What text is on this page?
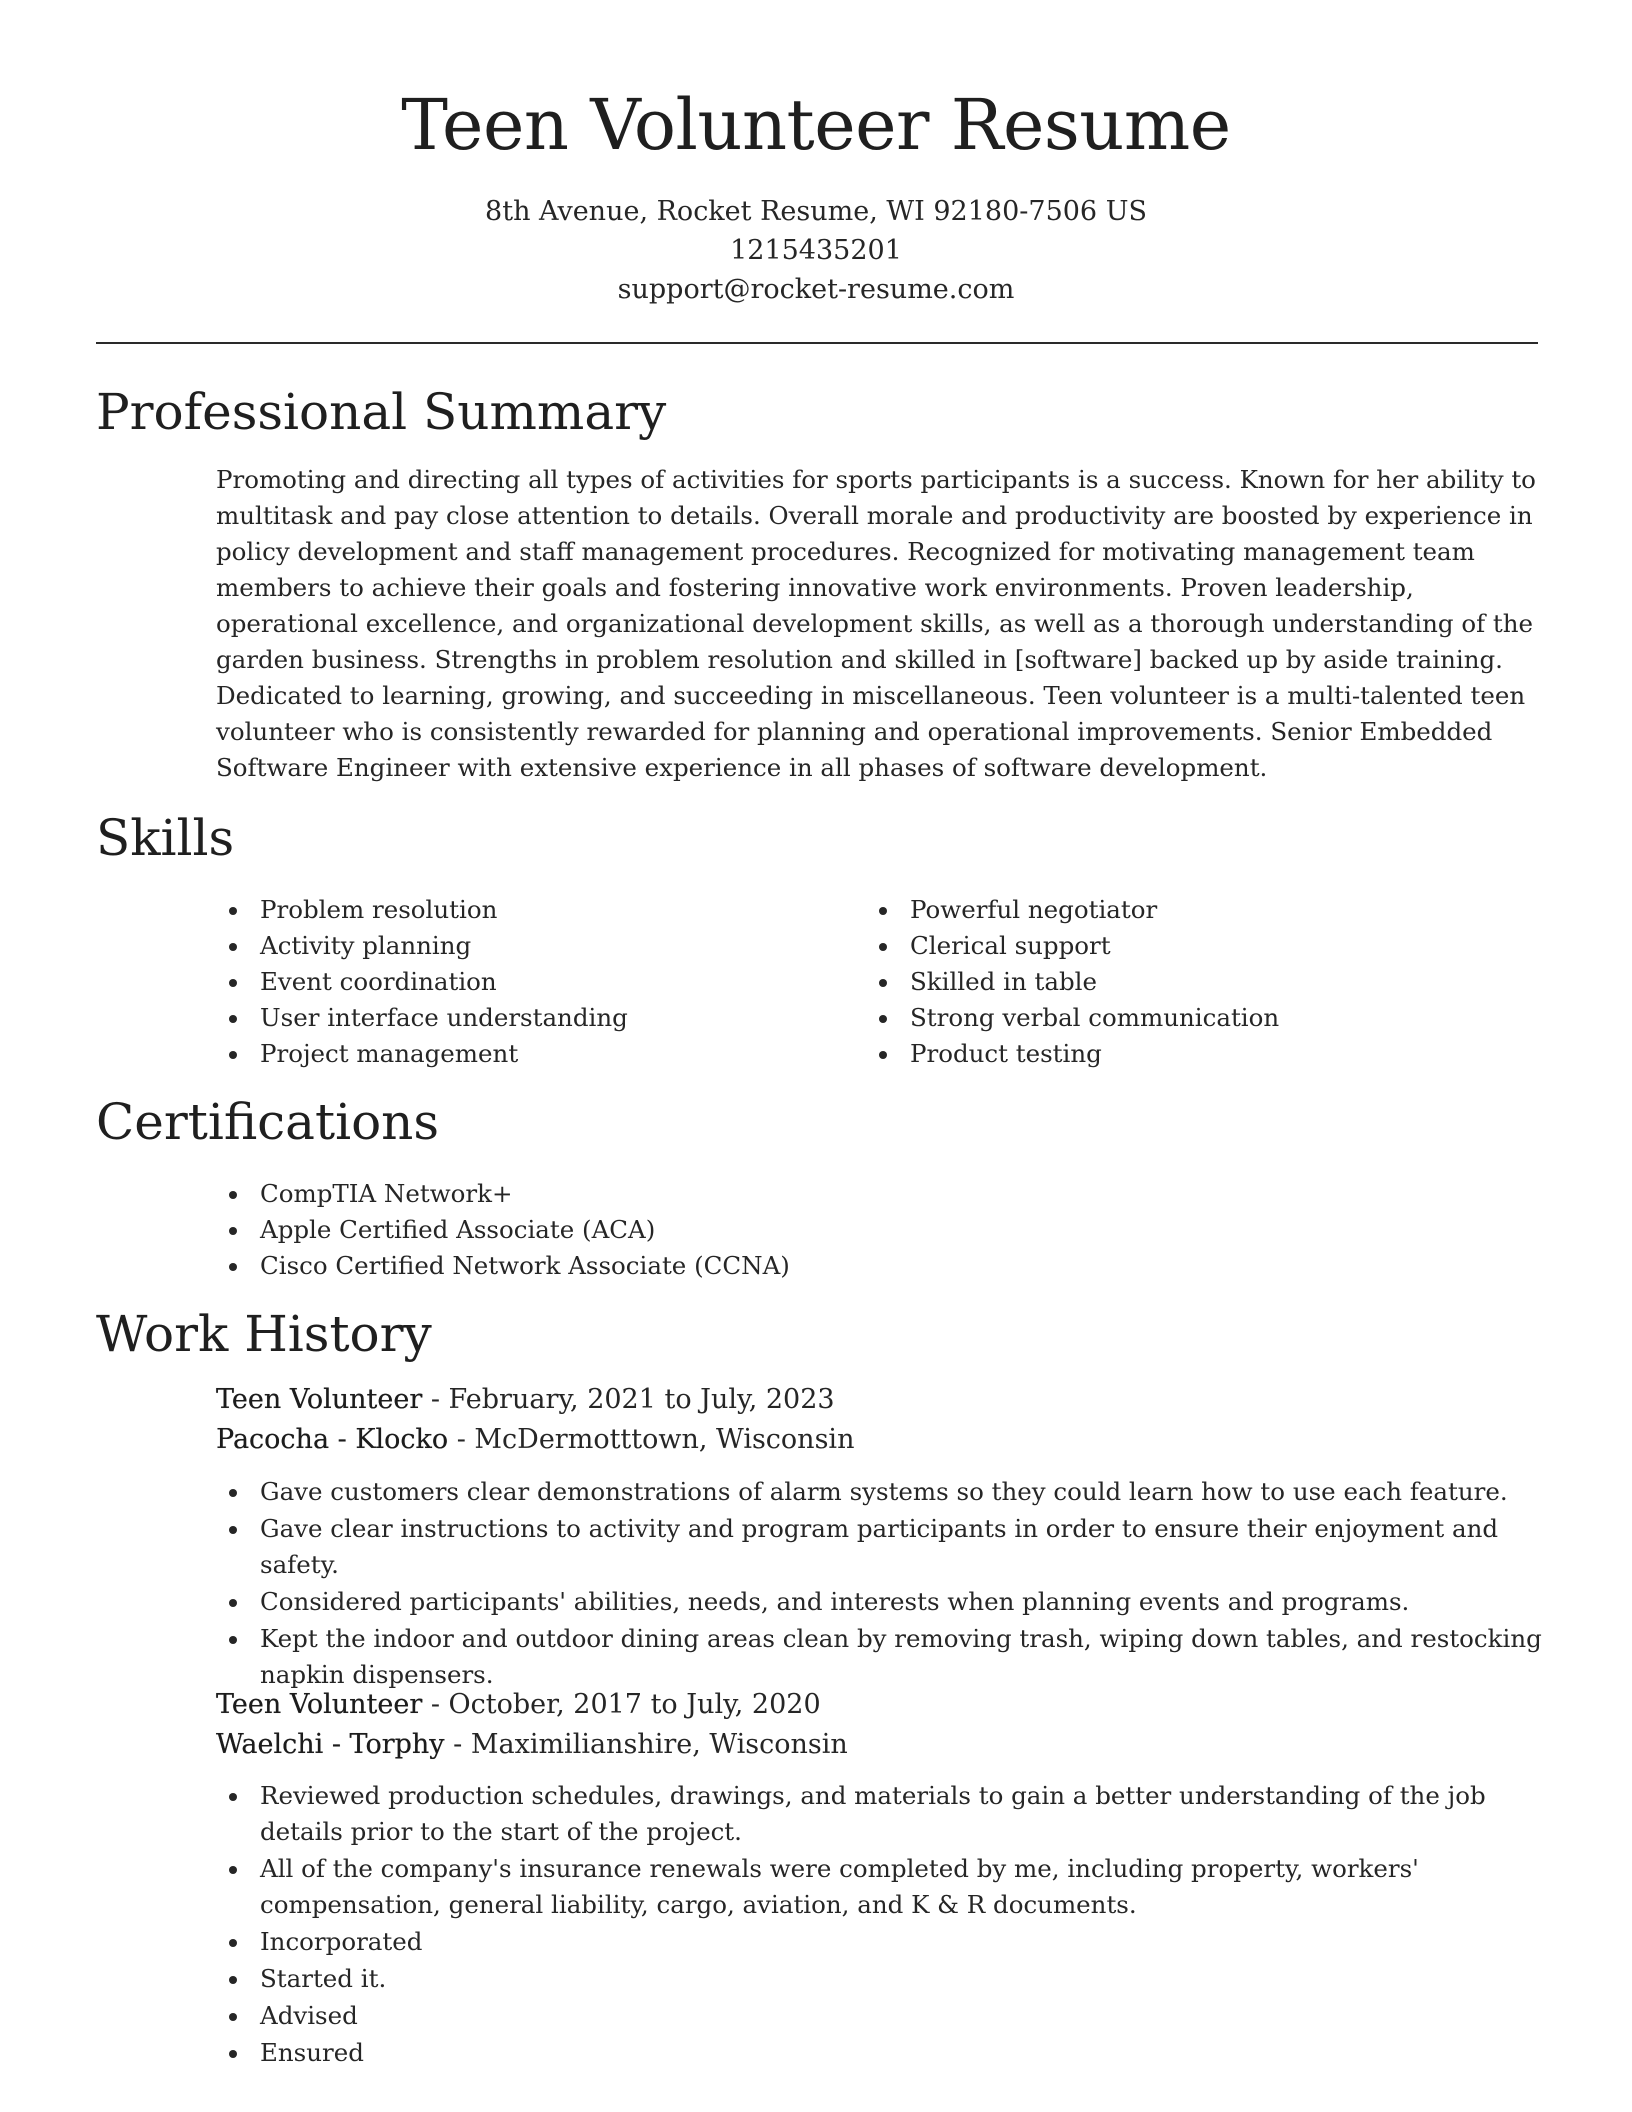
Teen Volunteer Resume
8th Avenue, Rocket Resume, WI 92180-7506 US
1215435201
support@rocket-resume.com
Professional Summary
Promoting and directing all types of activities for sports participants is a success. Known for her ability to multitask and pay close attention to details. Overall morale and productivity are boosted by experience in policy development and staff management procedures. Recognized for motivating management team members to achieve their goals and fostering innovative work environments. Proven leadership, operational excellence, and organizational development skills, as well as a thorough understanding of the garden business. Strengths in problem resolution and skilled in [software] backed up by aside training. Dedicated to learning, growing, and succeeding in miscellaneous. Teen volunteer is a multi-talented teen volunteer who is consistently rewarded for planning and operational improvements. Senior Embedded Software Engineer with extensive experience in all phases of software development.
Skills
Problem resolution
Activity planning
Event coordination
User interface understanding
Project management
Powerful negotiator
Clerical support
Skilled in table
Strong verbal communication
Product testing
Certifications
CompTIA Network+
Apple Certified Associate (ACA)
Cisco Certified Network Associate (CCNA)
Work History
Teen Volunteer - February, 2021 to July, 2023
Pacocha - Klocko - McDermotttown, Wisconsin
Gave customers clear demonstrations of alarm systems so they could learn how to use each feature.
Gave clear instructions to activity and program participants in order to ensure their enjoyment and safety.
Considered participants' abilities, needs, and interests when planning events and programs.
Kept the indoor and outdoor dining areas clean by removing trash, wiping down tables, and restocking napkin dispensers.
Teen Volunteer - October, 2017 to July, 2020
Waelchi - Torphy - Maximilianshire, Wisconsin
Reviewed production schedules, drawings, and materials to gain a better understanding of the job details prior to the start of the project.
All of the company's insurance renewals were completed by me, including property, workers' compensation, general liability, cargo, aviation, and K & R documents.
Incorporated
Started it.
Advised
Ensured
